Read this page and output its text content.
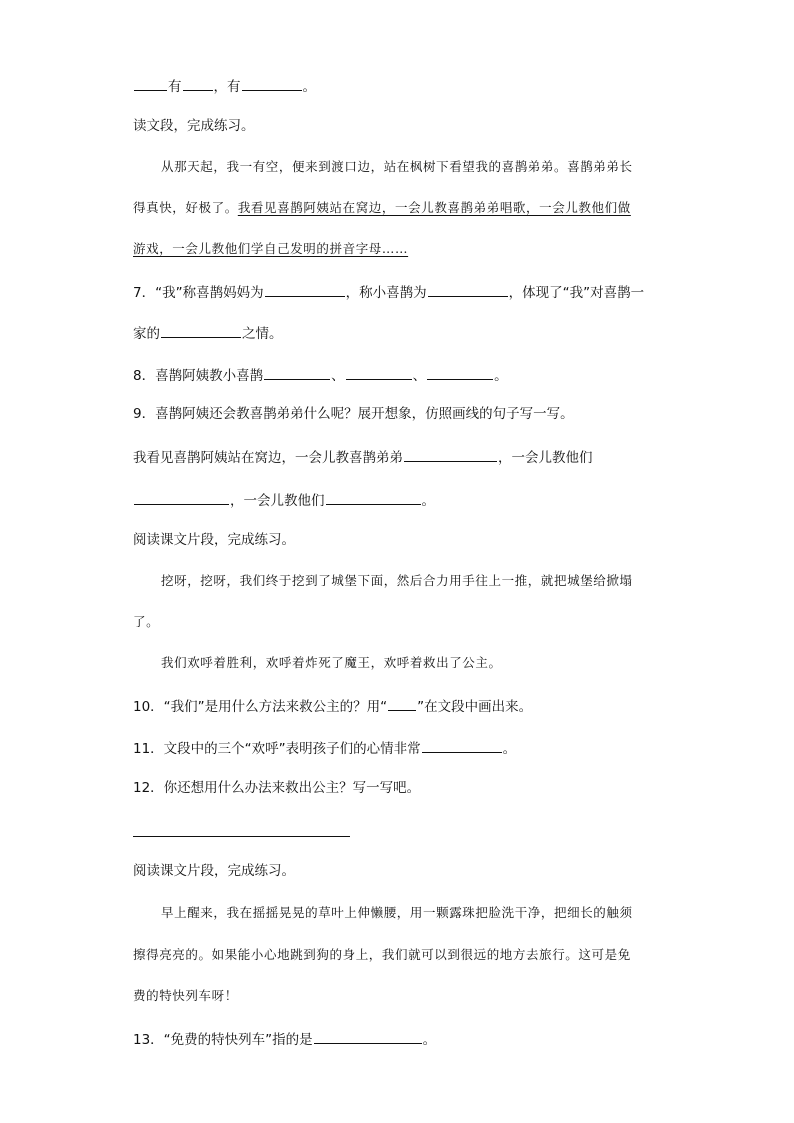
有 ，有	。
读文段，完成练习。
从那天起，我一有空，便来到渡口边，站在枫树下看望我的喜鹊弟弟。喜鹊弟弟长
得真快，好极了。我看见喜鹊阿姨站在窝边，一会儿教喜鹊弟弟唱歌，一会儿教他们做
游戏，一会儿教他们学自己发明的拼音字母……
7．“我”称喜鹊妈妈为	，称小喜鹊为	，体现了“我”对喜鹊一
家的	之情。
8．喜鹊阿姨教小喜鹊	、	、	。
9．喜鹊阿姨还会教喜鹊弟弟什么呢？展开想象，仿照画线的句子写一写。
我看见喜鹊阿姨站在窝边，一会儿教喜鹊弟弟	，一会儿教他们
，一会儿教他们	。
阅读课文片段，完成练习。
挖呀，挖呀，我们终于挖到了城堡下面，然后合力用手往上一推，就把城堡给掀塌
了。
我们欢呼着胜利，欢呼着炸死了魔王，欢呼着救出了公主。
10．“我们”是用什么方法来救公主的？用“ ”在文段中画出来。
11．文段中的三个“欢呼”表明孩子们的心情非常	。
12．你还想用什么办法来救出公主？写一写吧。
阅读课文片段，完成练习。
早上醒来，我在摇摇晃晃的草叶上伸懒腰，用一颗露珠把脸洗干净，把细长的触须
擦得亮亮的。如果能小心地跳到狗的身上，我们就可以到很远的地方去旅行。这可是免
费的特快列车呀！
13．“免费的特快列车”指的是	。
